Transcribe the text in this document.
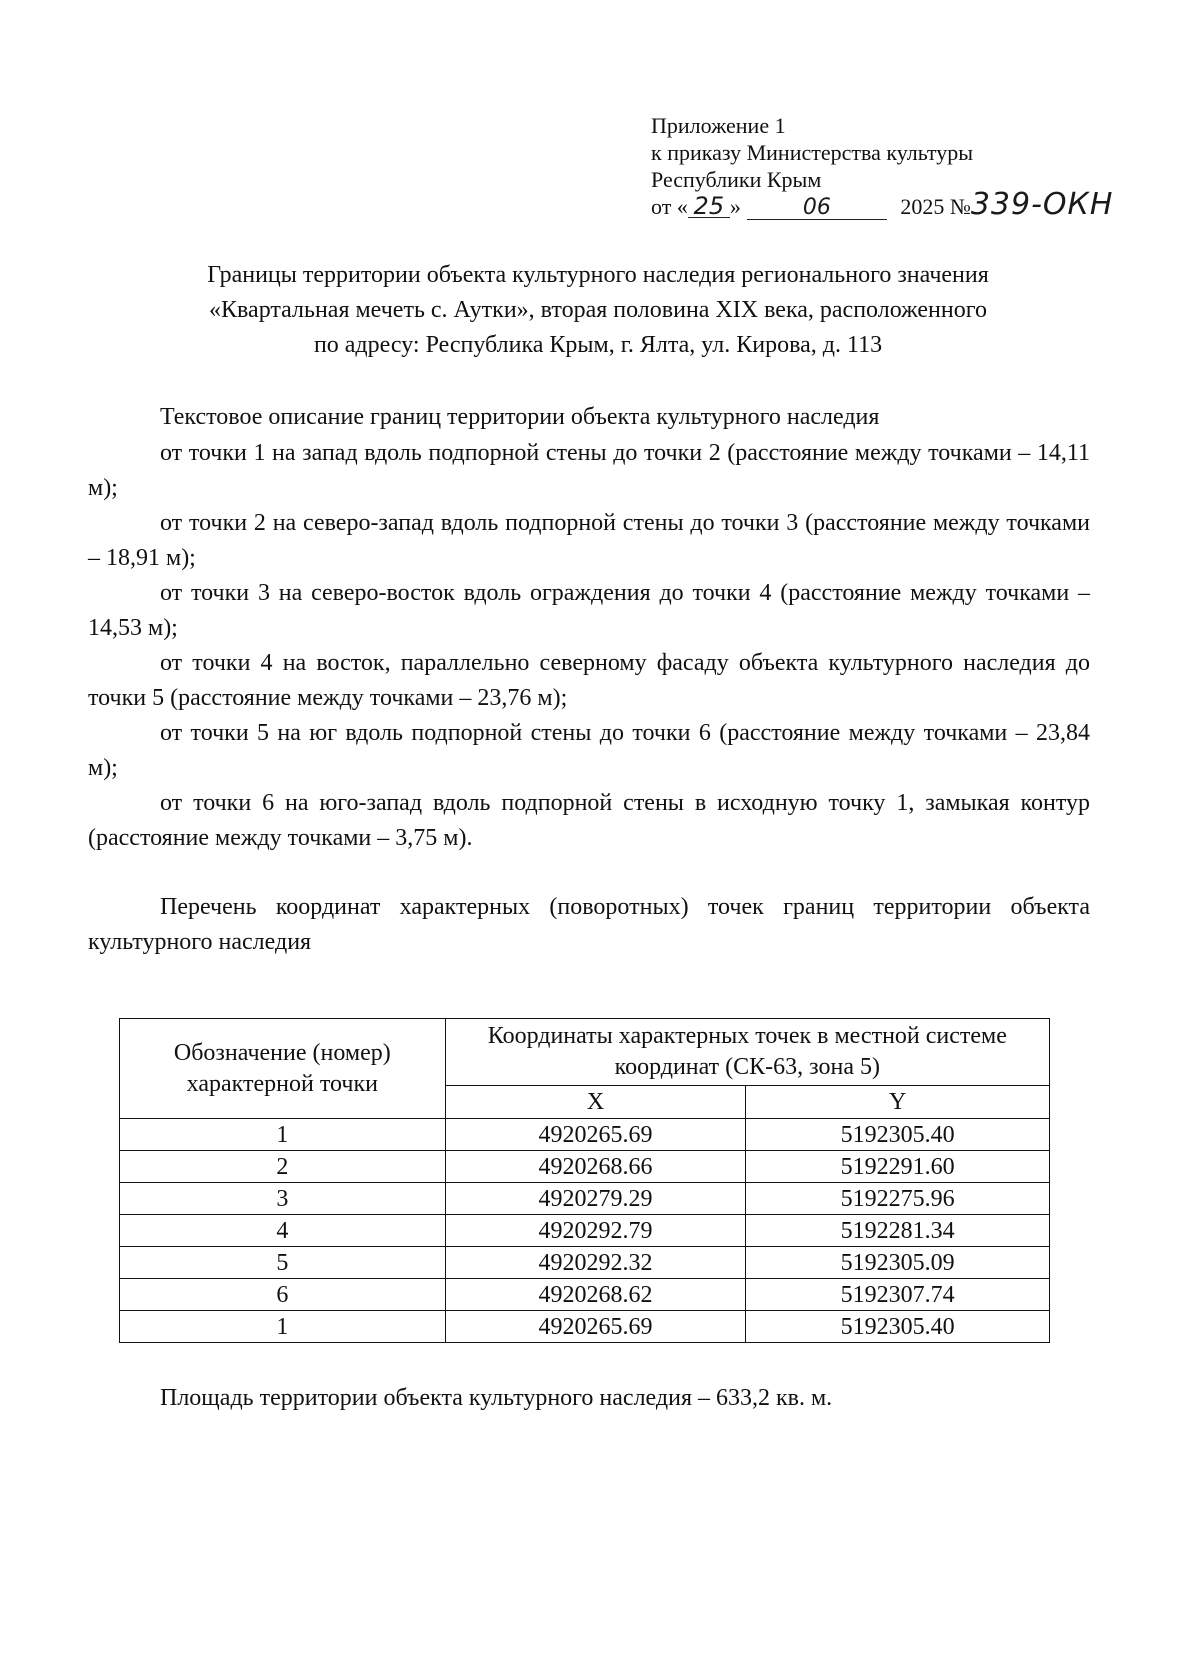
Приложение 1
к приказу Министерства культуры
Республики Крым
от « 25 »	06	2025 №339-ОКН
Границы территории объекта культурного наследия регионального значения
«Квартальная мечеть с. Аутки», вторая половина XIX века, расположенного
по адресу: Республика Крым, г. Ялта, ул. Кирова, д. 113
Текстовое описание границ территории объекта культурного наследия
от точки 1 на запад вдоль подпорной стены до точки 2 (расстояние между точками – 14,11 м);
от точки 2 на северо-запад вдоль подпорной стены до точки 3 (расстояние между точками – 18,91 м);
от точки 3 на северо-восток вдоль ограждения до точки 4 (расстояние между точками – 14,53 м);
от точки 4 на восток, параллельно северному фасаду объекта культурного наследия до точки 5 (расстояние между точками – 23,76 м);
от точки 5 на юг вдоль подпорной стены до точки 6 (расстояние между точками – 23,84 м);
от точки 6 на юго-запад вдоль подпорной стены в исходную точку 1, замыкая контур (расстояние между точками – 3,75 м).
Перечень координат характерных (поворотных) точек границ территории объекта культурного наследия
Обозначение (номер) характерной точки	Координаты характерных точек в местной системе координат (СК-63, зона 5)	
	X	Y
1	4920265.69	5192305.40
2	4920268.66	5192291.60
3	4920279.29	5192275.96
4	4920292.79	5192281.34
5	4920292.32	5192305.09
6	4920268.62	5192307.74
1	4920265.69	5192305.40
Площадь территории объекта культурного наследия – 633,2 кв. м.
